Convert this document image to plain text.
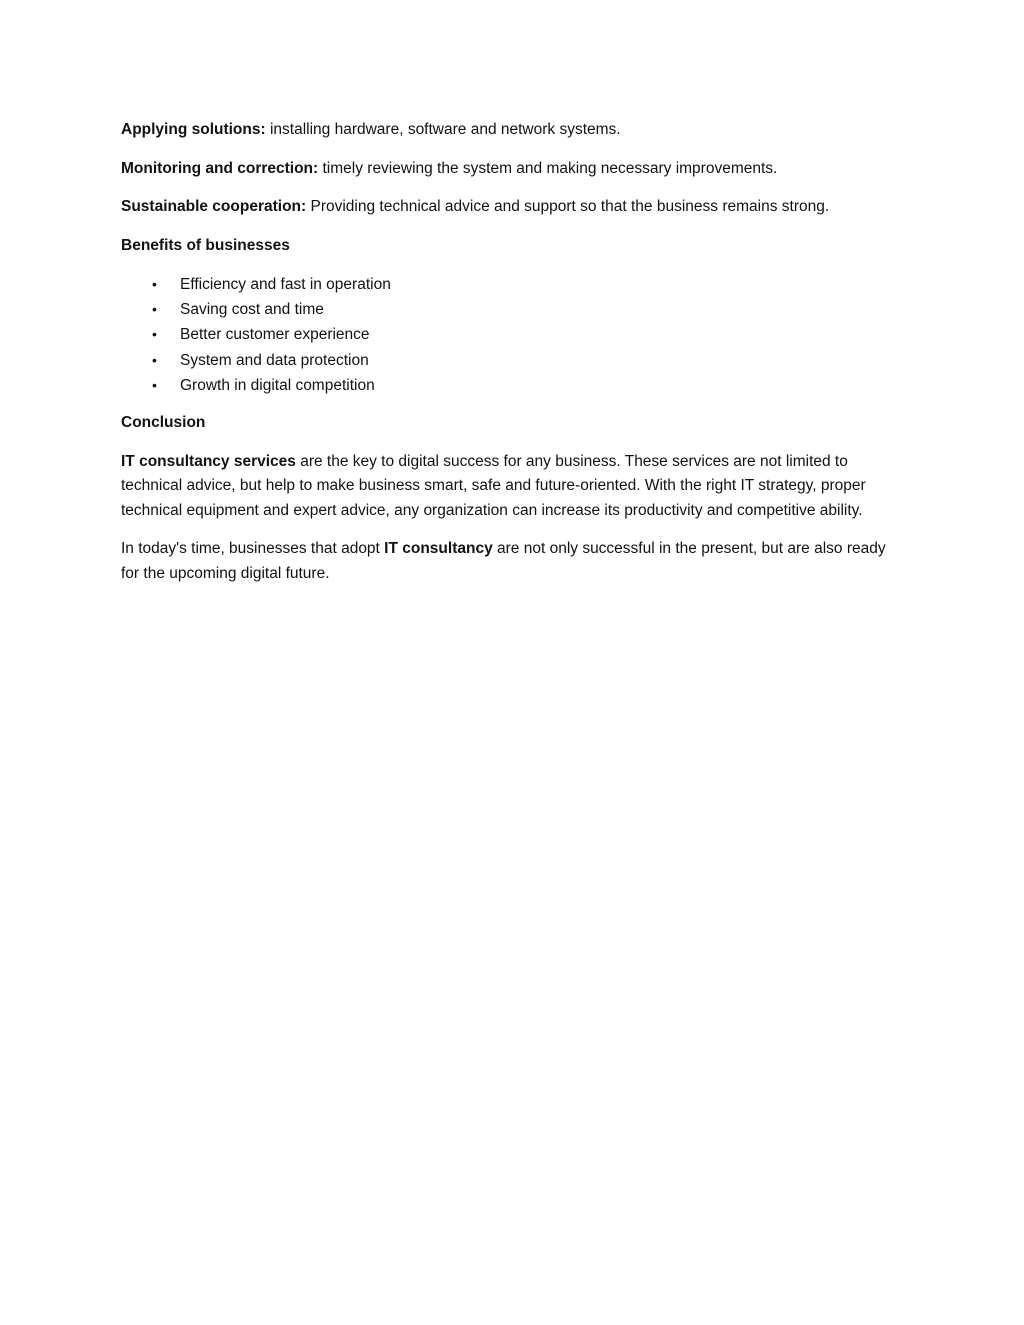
Applying solutions: installing hardware, software and network systems.

Monitoring and correction: timely reviewing the system and making necessary improvements.

Sustainable cooperation: Providing technical advice and support so that the business remains strong.

Benefits of businesses

• Efficiency and fast in operation
• Saving cost and time
• Better customer experience
• System and data protection
• Growth in digital competition

Conclusion

IT consultancy services are the key to digital success for any business. These services are not limited to technical advice, but help to make business smart, safe and future-oriented. With the right IT strategy, proper technical equipment and expert advice, any organization can increase its productivity and competitive ability.

In today's time, businesses that adopt IT consultancy are not only successful in the present, but are also ready for the upcoming digital future.
